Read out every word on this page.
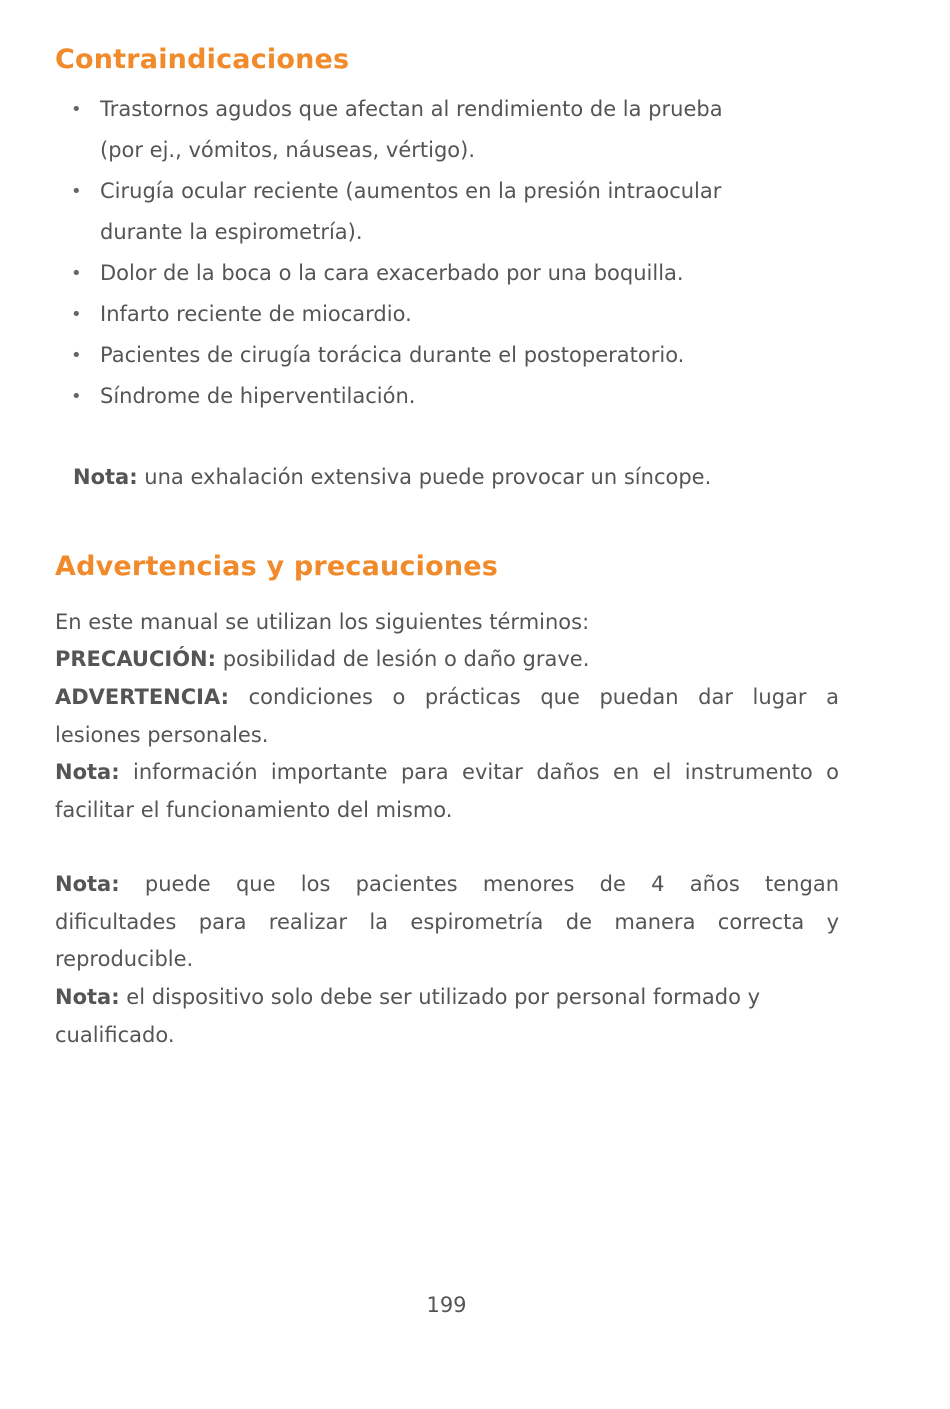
Contraindicaciones
• Trastornos agudos que afectan al rendimiento de la prueba
(por ej., vómitos, náuseas, vértigo).
• Cirugía ocular reciente (aumentos en la presión intraocular
durante la espirometría).
• Dolor de la boca o la cara exacerbado por una boquilla.
• Infarto reciente de miocardio.
• Pacientes de cirugía torácica durante el postoperatorio.
• Síndrome de hiperventilación.

Nota: una exhalación extensiva puede provocar un síncope.

Advertencias y precauciones

En este manual se utilizan los siguientes términos:

PRECAUCIÓN: posibilidad de lesión o daño grave.

ADVERTENCIA: condiciones o prácticas que puedan dar lugar a
lesiones personales.

Nota: información importante para evitar daños en el instrumento o
facilitar el funcionamiento del mismo.

Nota: puede que los pacientes menores de 4 años tengan
dificultades para realizar la espirometría de manera correcta y
reproducible.

Nota: el dispositivo solo debe ser utilizado por personal formado y
cualificado.

199
